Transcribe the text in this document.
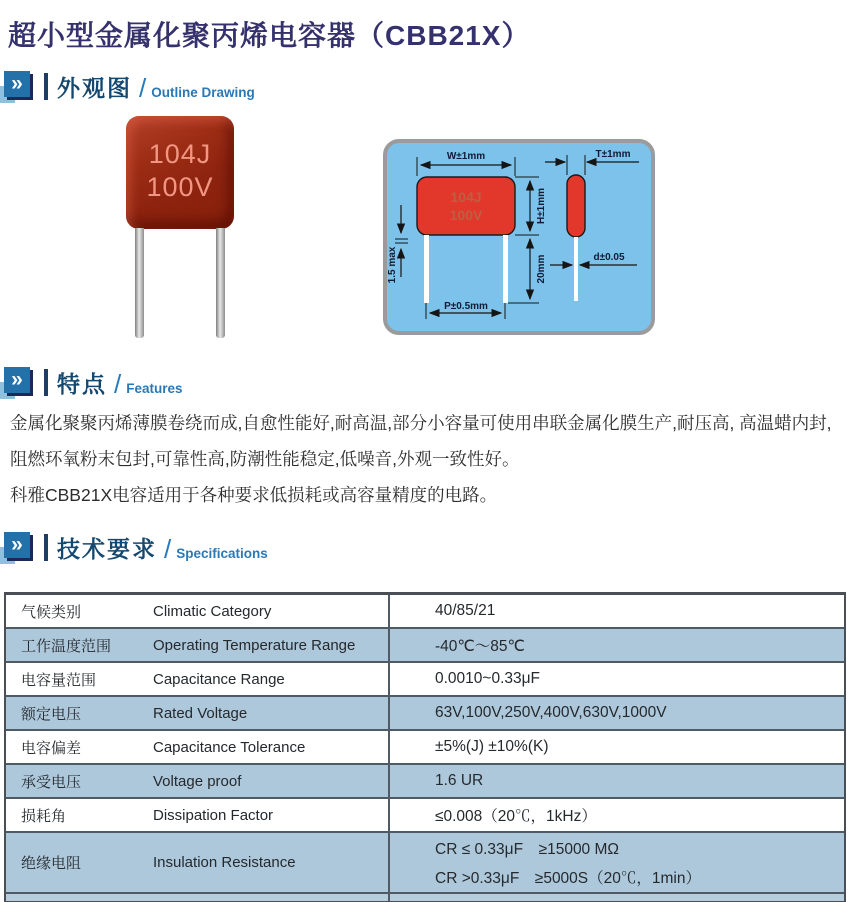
超小型金属化聚丙烯电容器（CBB21X）
»	外观图 / Outline Drawing
104J
100V
W±1mm
104J
100V	H±1mm
20mm
1.5 max
P±0.5mm
T±1mm
d±0.05
»	特点 / Features

金属化聚聚丙烯薄膜卷绕而成,自愈性能好,耐高温,部分小容量可使用串联金属化膜生产,耐压高, 高温蜡内封, 阻燃环氧粉末包封,可靠性高,防潮性能稳定,低噪音,外观一致性好。

科雅CBB21X电容适用于各种要求低损耗或高容量精度的电路。

»	技术要求 / Specifications
气候类别	Climatic Category	40/85/21
工作温度范围	Operating Temperature Range	-40℃～85℃
电容量范围	Capacitance Range	0.0010~0.33μF
额定电压	Rated Voltage	63V,100V,250V,400V,630V,1000V
电容偏差	Capacitance Tolerance	±5%(J) ±10%(K)
承受电压	Voltage proof	1.6 UR
损耗角	Dissipation Factor	≤0.008（20℃，1kHz）
绝缘电阻	Insulation Resistance
CR ≤ 0.33μF　≥15000 MΩ
CR >0.33μF　≥5000S（20℃，1min）
